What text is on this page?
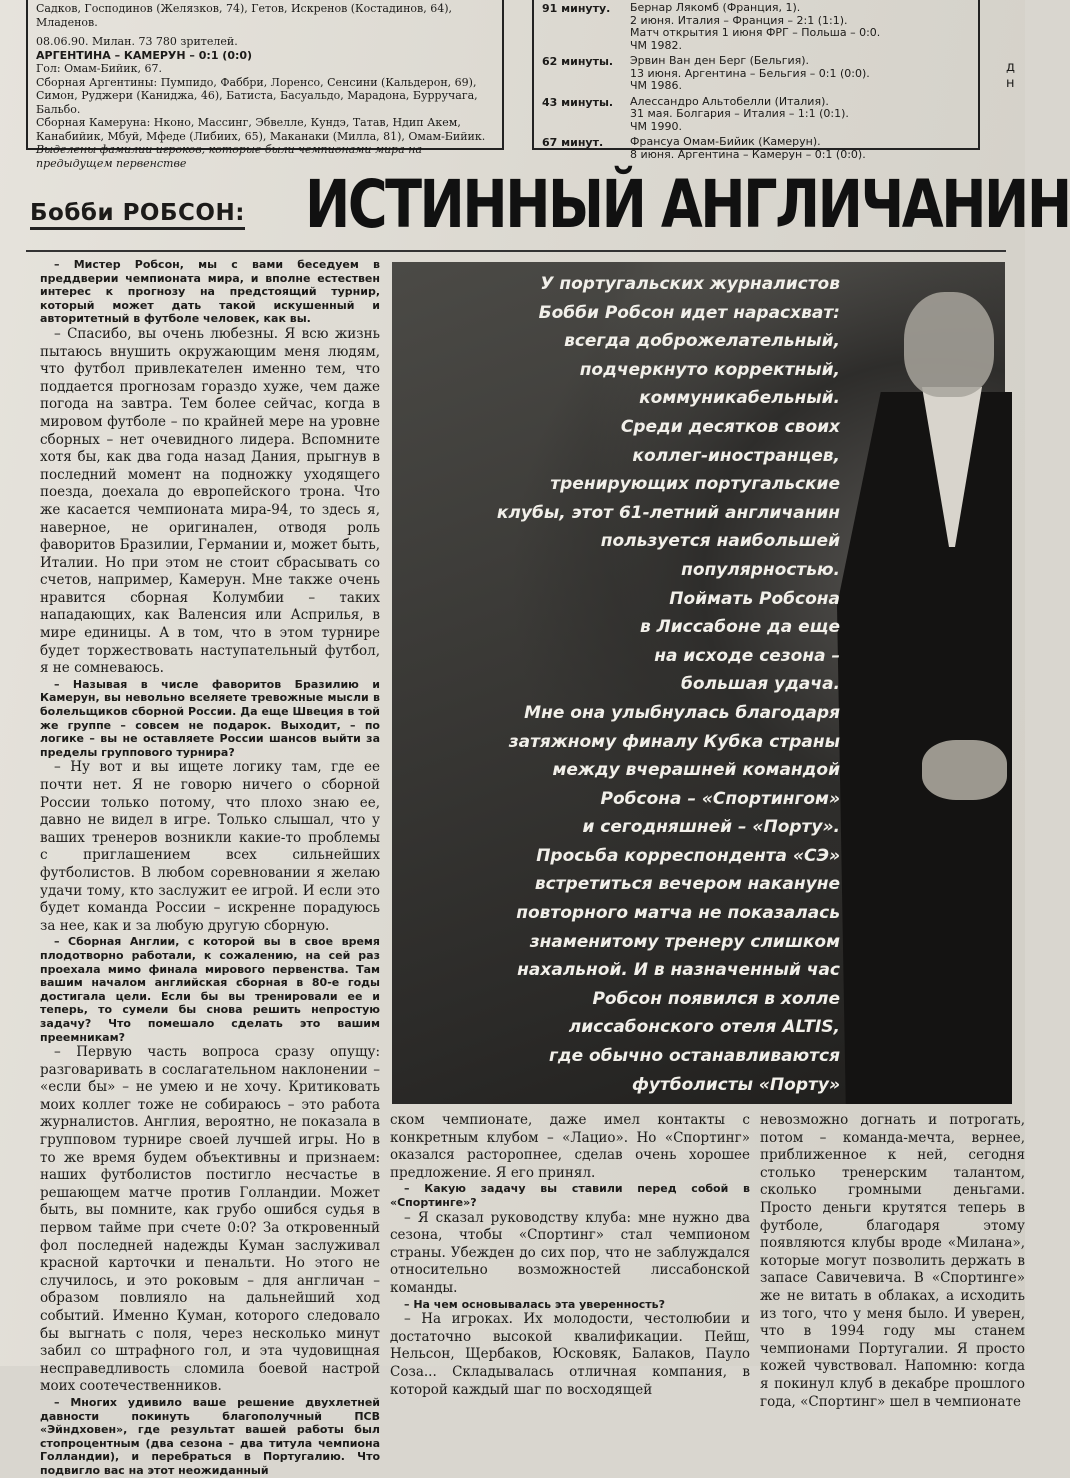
Садков, Господинов (Желязков, 74), Гетов, Искренов (Костадинов, 64), Младенов.

08.06.90. Милан. 73 780 зрителей.

АРГЕНТИНА – КАМЕРУН – 0:1 (0:0)

Гол: Омам-Бийик, 67.

Сборная Аргентины: Пумпидо, Фаббри, Лоренсо, Сенсини (Кальдерон, 69), Симон, Руджери (Каниджа, 46), Батиста, Басуальдо, Марадона, Бурручага, Бальбо.

Сборная Камеруна: Нконо, Массинг, Эбвелле, Кундэ, Татав, Ндип Акем, Канабийик, Мбуй, Мфеде (Либиих, 65), Маканаки (Милла, 81), Омам-Бийик.

Выделены фамилии игроков, которые были чемпионами мира на предыдущем первенстве

91 минуту.	Бернар Лякомб (Франция, 1).
2 июня. Италия – Франция – 2:1 (1:1).
Матч открытия 1 июня ФРГ – Польша – 0:0.
ЧМ 1982.
62 минуты.	Эрвин Ван ден Берг (Бельгия).
13 июня. Аргентина – Бельгия – 0:1 (0:0).
ЧМ 1986.
43 минуты.	Алессандро Альтобелли (Италия).
31 мая. Болгария – Италия – 1:1 (0:1).
ЧМ 1990.
67 минут.	Франсуа Омам-Бийик (Камерун).
8 июня. Аргентина – Камерун – 0:1 (0:0).
д
н
Бобби РОБСОН: ИСТИННЫЙ АНГЛИЧАНИН

– Мистер Робсон, мы с вами беседуем в преддверии чемпионата мира, и вполне естествен интерес к прогнозу на предстоящий турнир, который может дать такой искушенный и авторитетный в футболе человек, как вы.

– Спасибо, вы очень любезны. Я всю жизнь пытаюсь внушить окружающим меня людям, что футбол привлекателен именно тем, что поддается прогнозам гораздо хуже, чем даже погода на завтра. Тем более сейчас, когда в мировом футболе – по крайней мере на уровне сборных – нет очевидного лидера. Вспомните хотя бы, как два года назад Дания, прыгнув в последний момент на подножку уходящего поезда, доехала до европейского трона. Что же касается чемпионата мира-94, то здесь я, наверное, не оригинален, отводя роль фаворитов Бразилии, Германии и, может быть, Италии. Но при этом не стоит сбрасывать со счетов, например, Камерун. Мне также очень нравится сборная Колумбии – таких нападающих, как Валенсия или Асприлья, в мире единицы. А в том, что в этом турнире будет торжествовать наступательный футбол, я не сомневаюсь.

– Называя в числе фаворитов Бразилию и Камерун, вы невольно вселяете тревожные мысли в болельщиков сборной России. Да еще Швеция в той же группе – совсем не подарок. Выходит, – по логике – вы не оставляете России шансов выйти за пределы группового турнира?

– Ну вот и вы ищете логику там, где ее почти нет. Я не говорю ничего о сборной России только потому, что плохо знаю ее, давно не видел в игре. Только слышал, что у ваших тренеров возникли какие-то проблемы с приглашением всех сильнейших футболистов. В любом соревновании я желаю удачи тому, кто заслужит ее игрой. И если это будет команда России – искренне порадуюсь за нее, как и за любую другую сборную.

– Сборная Англии, с которой вы в свое время плодотворно работали, к сожалению, на сей раз проехала мимо финала мирового первенства. Там вашим началом английская сборная в 80-е годы достигала цели. Если бы вы тренировали ее и теперь, то сумели бы снова решить непростую задачу? Что помешало сделать это вашим преемникам?

– Первую часть вопроса сразу опущу: разговаривать в сослагательном наклонении – «если бы» – не умею и не хочу. Критиковать моих коллег тоже не собираюсь – это работа журналистов. Англия, вероятно, не показала в групповом турнире своей лучшей игры. Но в то же время будем объективны и признаем: наших футболистов постигло несчастье в решающем матче против Голландии. Может быть, вы помните, как грубо ошибся судья в первом тайме при счете 0:0? За откровенный фол последней надежды Куман заслуживал красной карточки и пенальти. Но этого не случилось, и это роковым – для англичан – образом повлияло на дальнейший ход событий. Именно Куман, которого следовало бы выгнать с поля, через несколько минут забил со штрафного гол, и эта чудовищная несправедливость сломила боевой настрой моих соотечественников.

– Многих удивило ваше решение двухлетней давности покинуть благополучный ПСВ «Эйндховен», где результат вашей работы был стопроцентным (два сезона – два титула чемпиона Голландии), и перебраться в Португалию. Что подвигло вас на этот неожиданный

У португальских журналистов
Бобби Робсон идет нарасхват:
всегда доброжелательный,
подчеркнуто корректный,
коммуникабельный.
Среди десятков своих
коллег-иностранцев,
тренирующих португальские
клубы, этот 61-летний англичанин
пользуется наибольшей
популярностью.
Поймать Робсона
в Лиссабоне да еще
на исходе сезона –
большая удача.
Мне она улыбнулась благодаря
затяжному финалу Кубка страны
между вчерашней командой
Робсона – «Спортингом»
и сегодняшней – «Порту».
Просьба корреспондента «СЭ»
встретиться вечером накануне
повторного матча не показалась
знаменитому тренеру слишком
нахальной. И в назначенный час
Робсон появился в холле
лиссабонского отеля ALTIS,
где обычно останавливаются
футболисты «Порту»

ском чемпионате, даже имел контакты с конкретным клубом – «Лацио». Но «Спортинг» оказался расторопнее, сделав очень хорошее предложение. Я его принял.

– Какую задачу вы ставили перед собой в «Спортинге»?

– Я сказал руководству клуба: мне нужно два сезона, чтобы «Спортинг» стал чемпионом страны. Убежден до сих пор, что не заблуждался относительно возможностей лиссабонской команды.

– На чем основывалась эта уверенность?

– На игроках. Их молодости, честолюбии и достаточно высокой квалификации. Пейш, Нельсон, Щербаков, Юсковяк, Балаков, Пауло Соза... Складывалась отличная компания, в которой каждый шаг по восходящей

невозможно догнать и потрогать, потом – команда-мечта, вернее, приближенное к ней, сегодня столько тренерским талантом, сколько громными деньгами. Просто деньги крутятся теперь в футболе, благодаря этому появляются клубы вроде «Милана», которые могут позволить держать в запасе Савичевича. В «Спортинге» же не витать в облаках, а исходить из того, что у меня было. И уверен, что в 1994 году мы станем чемпионами Португалии. Я просто кожей чувствовал. Напомню: когда я покинул клуб в декабре прошлого года, «Спортинг» шел в чемпионате
